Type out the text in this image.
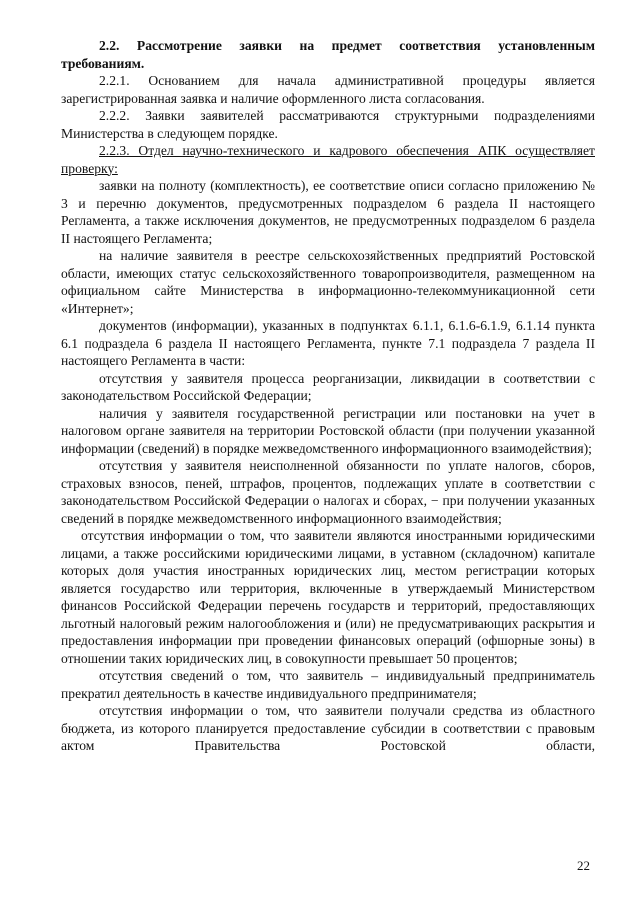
2.2. Рассмотрение заявки на предмет соответствия установленным требованиям.

2.2.1. Основанием для начала административной процедуры является зарегистрированная заявка и наличие оформленного листа согласования.

2.2.2. Заявки заявителей рассматриваются структурными подразделениями Министерства в следующем порядке.

2.2.3. Отдел научно-технического и кадрового обеспечения АПК осуществляет проверку:

заявки на полноту (комплектность), ее соответствие описи согласно приложению № 3 и перечню документов, предусмотренных подразделом 6 раздела II настоящего Регламента, а также исключения документов, не предусмотренных подразделом 6 раздела II настоящего Регламента;

на наличие заявителя в реестре сельскохозяйственных предприятий Ростовской области, имеющих статус сельскохозяйственного товаропроизводителя, размещенном на официальном сайте Министерства в информационно-телекоммуникационной сети «Интернет»;

документов (информации), указанных в подпунктах 6.1.1, 6.1.6-6.1.9, 6.1.14 пункта 6.1 подраздела 6 раздела II настоящего Регламента, пункте 7.1 подраздела 7 раздела II настоящего Регламента в части:

отсутствия у заявителя процесса реорганизации, ликвидации в соответствии с законодательством Российской Федерации;

наличия у заявителя государственной регистрации или постановки на учет в налоговом органе заявителя на территории Ростовской области (при получении указанной информации (сведений) в порядке межведомственного информационного взаимодействия);

отсутствия у заявителя неисполненной обязанности по уплате налогов, сборов, страховых взносов, пеней, штрафов, процентов, подлежащих уплате в соответствии с законодательством Российской Федерации о налогах и сборах, − при получении указанных сведений в порядке межведомственного информационного взаимодействия;

отсутствия информации о том, что заявители являются иностранными юридическими лицами, а также российскими юридическими лицами, в уставном (складочном) капитале которых доля участия иностранных юридических лиц, местом регистрации которых является государство или территория, включенные в утверждаемый Министерством финансов Российской Федерации перечень государств и территорий, предоставляющих льготный налоговый режим налогообложения и (или) не предусматривающих раскрытия и предоставления информации при проведении финансовых операций (офшорные зоны) в отношении таких юридических лиц, в совокупности превышает 50 процентов;

отсутствия сведений о том, что заявитель – индивидуальный предприниматель прекратил деятельность в качестве индивидуального предпринимателя;

отсутствия информации о том, что заявители получали средства из областного бюджета, из которого планируется предоставление субсидии в соответствии с правовым актом Правительства Ростовской области,

22
